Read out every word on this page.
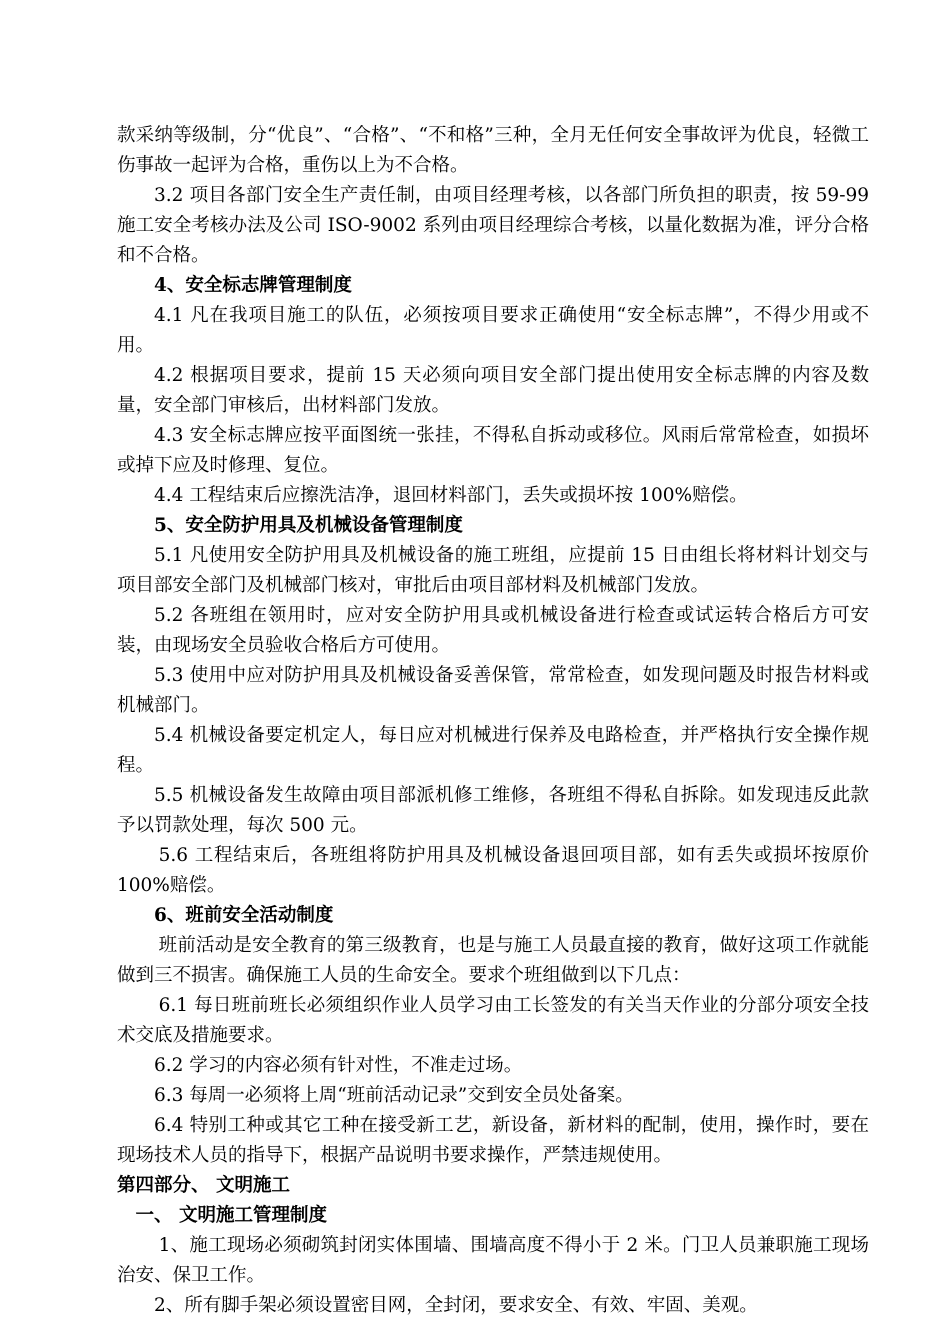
款采纳等级制，分“优良”、“合格”、“不和格”三种，全月无任何安全事故评为优良，轻微工伤事故一起评为合格，重伤以上为不合格。

3.2 项目各部门安全生产责任制，由项目经理考核，以各部门所负担的职责，按 59-99 施工安全考核办法及公司 ISO-9002 系列由项目经理综合考核，以量化数据为准，评分合格和不合格。

4、安全标志牌管理制度

4.1 凡在我项目施工的队伍，必须按项目要求正确使用“安全标志牌”，不得少用或不用。

4.2 根据项目要求，提前 15 天必须向项目安全部门提出使用安全标志牌的内容及数量，安全部门审核后，出材料部门发放。

4.3 安全标志牌应按平面图统一张挂，不得私自拆动或移位。风雨后常常检查，如损坏或掉下应及时修理、复位。

4.4 工程结束后应擦洗洁净，退回材料部门，丢失或损坏按 100%赔偿。

5、安全防护用具及机械设备管理制度

5.1 凡使用安全防护用具及机械设备的施工班组，应提前 15 日由组长将材料计划交与项目部安全部门及机械部门核对，审批后由项目部材料及机械部门发放。

5.2 各班组在领用时，应对安全防护用具或机械设备进行检查或试运转合格后方可安装，由现场安全员验收合格后方可使用。

5.3 使用中应对防护用具及机械设备妥善保管，常常检查，如发现问题及时报告材料或机械部门。

5.4 机械设备要定机定人，每日应对机械进行保养及电路检查，并严格执行安全操作规程。

5.5 机械设备发生故障由项目部派机修工维修，各班组不得私自拆除。如发现违反此款予以罚款处理，每次 500 元。

5.6 工程结束后，各班组将防护用具及机械设备退回项目部，如有丢失或损坏按原价 100%赔偿。

6、班前安全活动制度

班前活动是安全教育的第三级教育，也是与施工人员最直接的教育，做好这项工作就能做到三不损害。确保施工人员的生命安全。要求个班组做到以下几点：

6.1 每日班前班长必须组织作业人员学习由工长签发的有关当天作业的分部分项安全技术交底及措施要求。

6.2 学习的内容必须有针对性，不准走过场。

6.3 每周一必须将上周“班前活动记录”交到安全员处备案。

6.4 特别工种或其它工种在接受新工艺，新设备，新材料的配制，使用，操作时，要在现场技术人员的指导下，根据产品说明书要求操作，严禁违规使用。

第四部分、 文明施工

一、 文明施工管理制度

1、施工现场必须砌筑封闭实体围墙、围墙高度不得小于 2 米。门卫人员兼职施工现场治安、保卫工作。

2、所有脚手架必须设置密目网，全封闭，要求安全、有效、牢固、美观。
